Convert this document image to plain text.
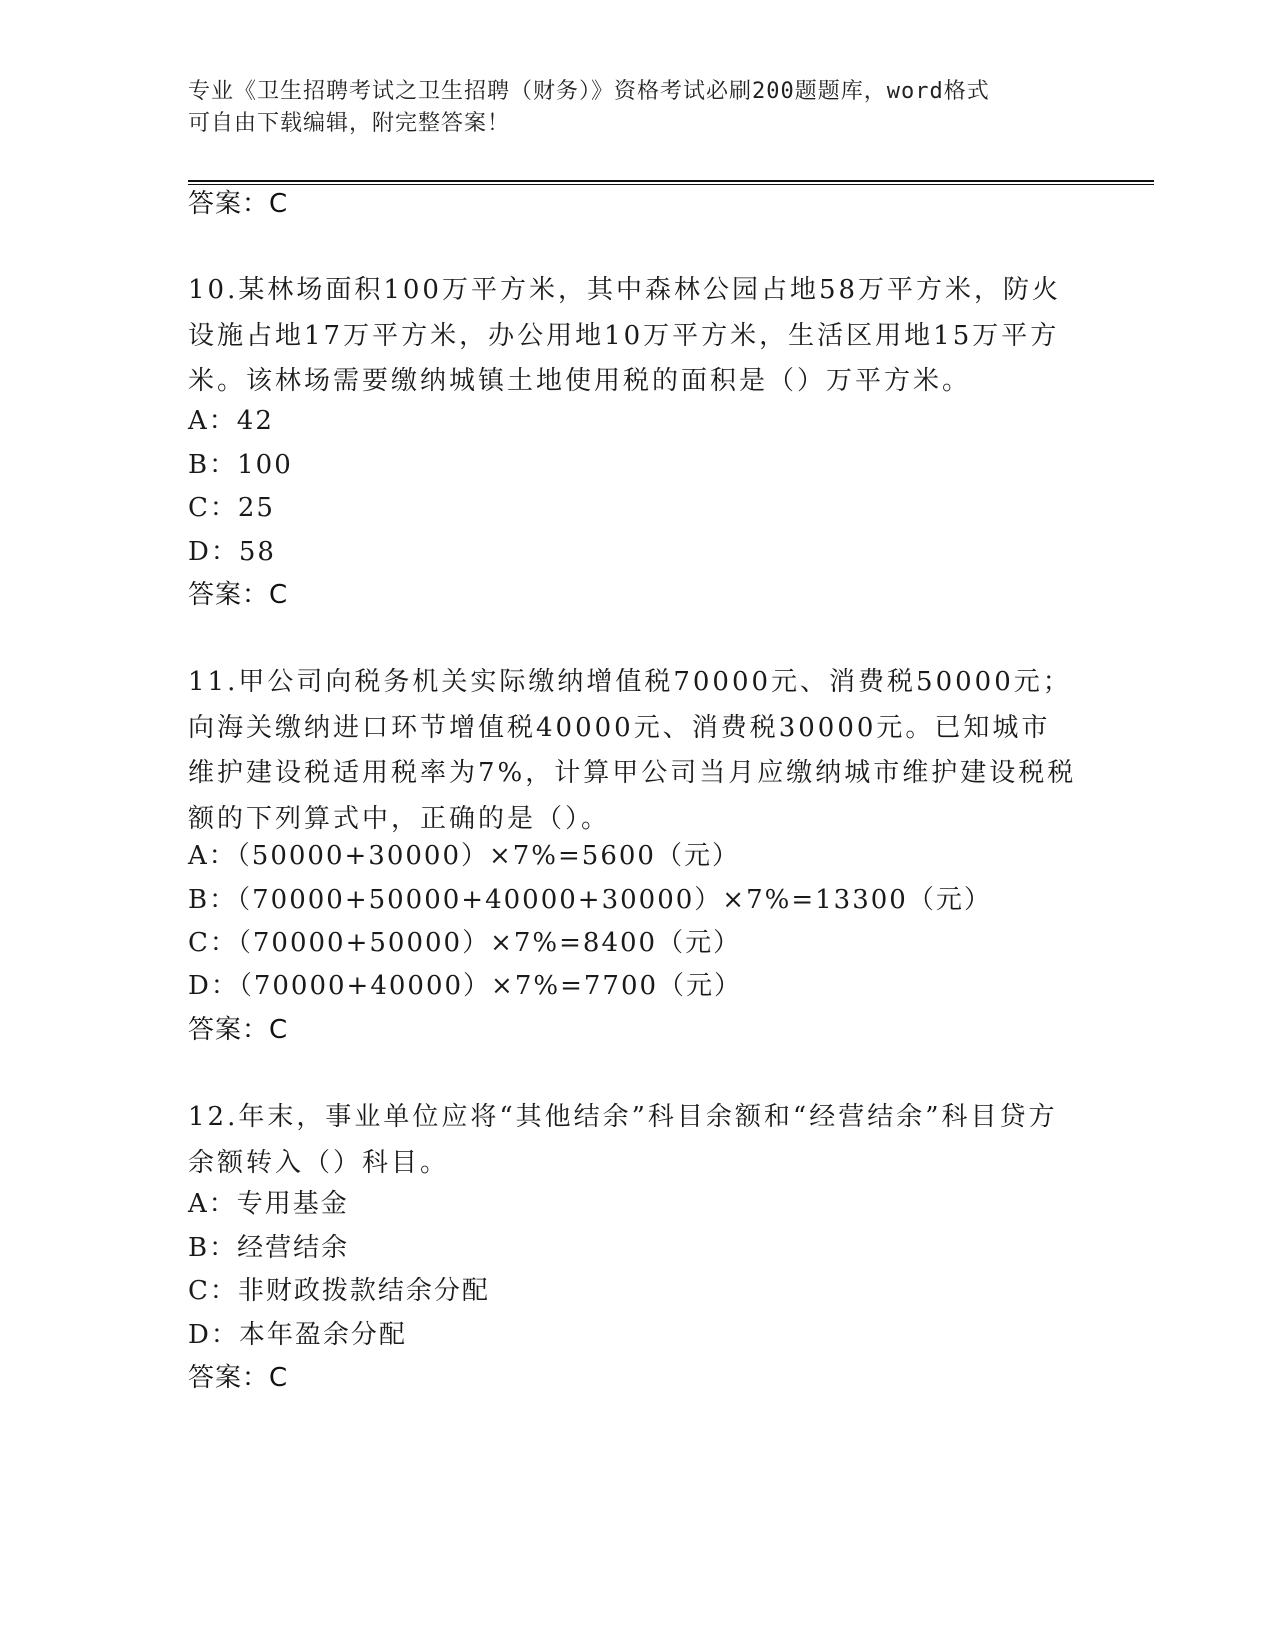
专业《卫生招聘考试之卫生招聘（财务）》资格考试必刷200题题库，word格式
可自由下载编辑，附完整答案！
答案：C
10.某林场面积100万平方米，其中森林公园占地58万平方米，防火设施占地17万平方米，办公用地10万平方米，生活区用地15万平方米。该林场需要缴纳城镇土地使用税的面积是（）万平方米。
A：42
B：100
C：25
D：58
答案：C
11.甲公司向税务机关实际缴纳增值税70000元、消费税50000元；向海关缴纳进口环节增值税40000元、消费税30000元。已知城市维护建设税适用税率为7%，计算甲公司当月应缴纳城市维护建设税税额的下列算式中，正确的是（）。
A：（50000+30000）×7%=5600（元）
B：（70000+50000+40000+30000）×7%=13300（元）
C：（70000+50000）×7%=8400（元）
D：（70000+40000）×7%=7700（元）
答案：C
12.年末，事业单位应将“其他结余”科目余额和“经营结余”科目贷方余额转入（）科目。
A：专用基金
B：经营结余
C：非财政拨款结余分配
D：本年盈余分配
答案：C
